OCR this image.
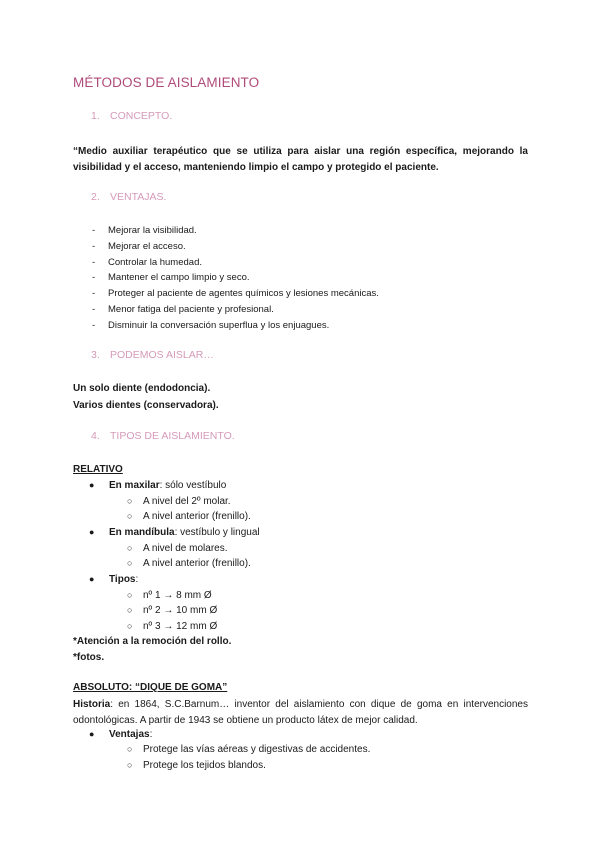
MÉTODOS DE AISLAMIENTO
1. CONCEPTO.
“Medio auxiliar terapéutico que se utiliza para aislar una región específica, mejorando la visibilidad y el acceso, manteniendo limpio el campo y protegido el paciente.
2. VENTAJAS.
- Mejorar la visibilidad.
- Mejorar el acceso.
- Controlar la humedad.
- Mantener el campo limpio y seco.
- Proteger al paciente de agentes químicos y lesiones mecánicas.
- Menor fatiga del paciente y profesional.
- Disminuir la conversación superflua y los enjuagues.
3. PODEMOS AISLAR…
Un solo diente (endodoncia).
Varios dientes (conservadora).
4. TIPOS DE AISLAMIENTO.
RELATIVO
● En maxilar: sólo vestíbulo
○ A nivel del 2º molar.
○ A nivel anterior (frenillo).
● En mandíbula: vestíbulo y lingual
○ A nivel de molares.
○ A nivel anterior (frenillo).
● Tipos:
○ nº 1 → 8 mm Ø
○ nº 2 → 10 mm Ø
○ nº 3 → 12 mm Ø
*Atención a la remoción del rollo.
*fotos.
ABSOLUTO: “DIQUE DE GOMA”
Historia: en 1864, S.C.Barnum… inventor del aislamiento con dique de goma en intervenciones odontológicas. A partir de 1943 se obtiene un producto látex de mejor calidad.
● Ventajas:
○ Protege las vías aéreas y digestivas de accidentes.
○ Protege los tejidos blandos.
